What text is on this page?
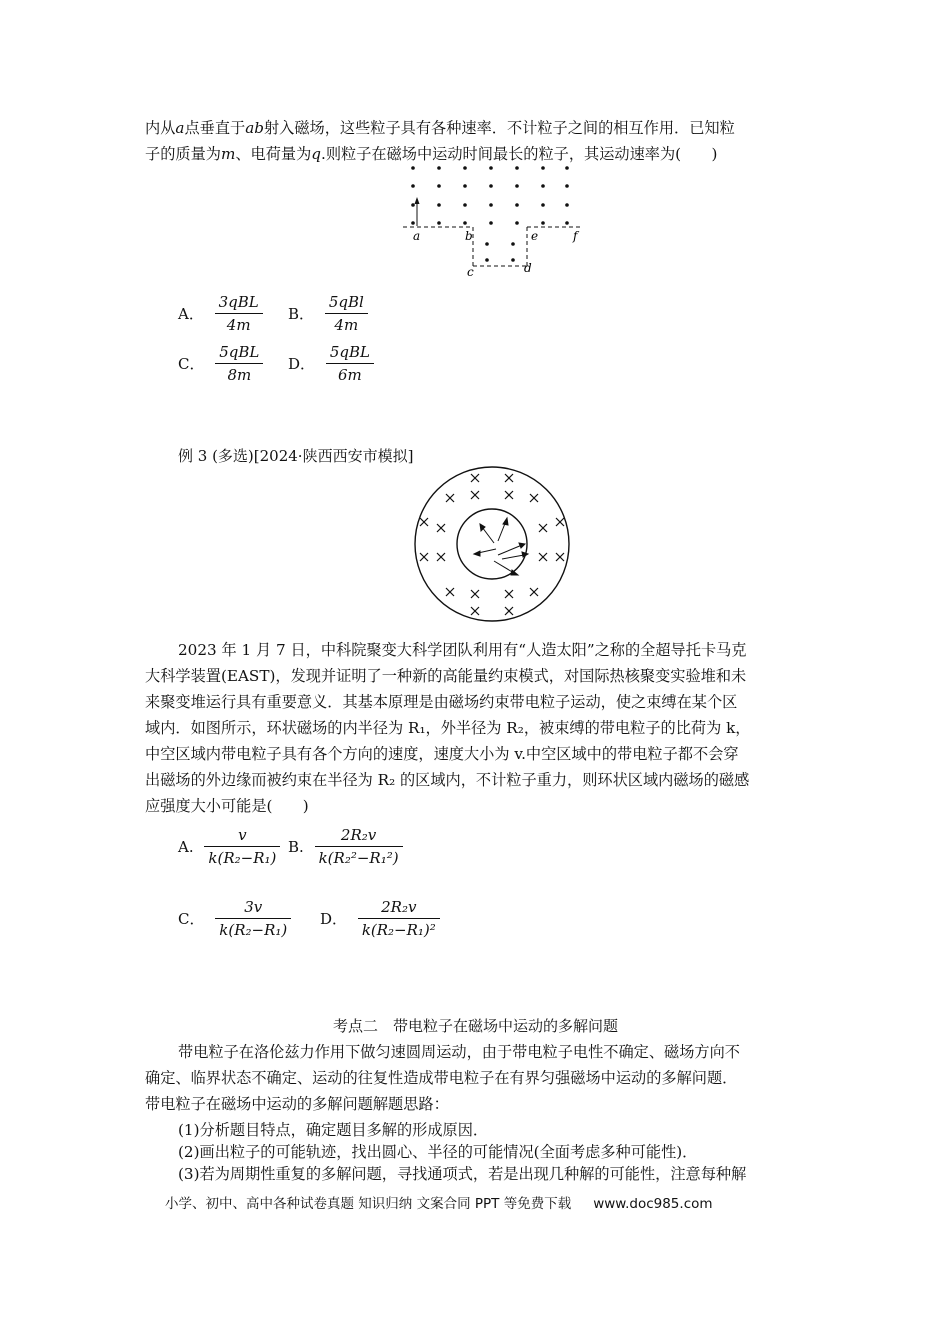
内从a点垂直于ab射入磁场，这些粒子具有各种速率．不计粒子之间的相互作用．已知粒
子的质量为m、电荷量为q.则粒子在磁场中运动时间最长的粒子，其运动速率为(　　)
a	b
c	d
e	f
A． $\frac{\text{3qBL}}{4m}$ B． $\frac{\text{5qBl}}{4m}$
C． $\frac{\text{5qBL}}{8m}$ D． $\frac{\text{5qBL}}{6m}$
例 3 (多选)[2024·陕西西安市模拟]
2023 年 1 月 7 日，中科院聚变大科学团队利用有“人造太阳”之称的全超导托卡马克
大科学装置(EAST)，发现并证明了一种新的高能量约束模式，对国际热核聚变实验堆和未
来聚变堆运行具有重要意义．其基本原理是由磁场约束带电粒子运动，使之束缚在某个区
域内．如图所示，环状磁场的内半径为 R₁，外半径为 R₂，被束缚的带电粒子的比荷为 k，
中空区域内带电粒子具有各个方向的速度，速度大小为 v.中空区域中的带电粒子都不会穿
出磁场的外边缘而被约束在半径为 R₂ 的区域内，不计粒子重力，则环状区域内磁场的磁感
应强度大小可能是(　　)
A. $\frac{v}{\text{k(R₂−R₁)}} B$. $\frac{\text{2R₂v}}{\text{k(R₂²−R₁²)}}$
C． $\frac{3v}{\text{k(R₂−R₁)}}$ D． $\frac{\text{2R₂v}}{\text{k(R₂−R₁)²}}$
考点二　带电粒子在磁场中运动的多解问题
带电粒子在洛伦兹力作用下做匀速圆周运动，由于带电粒子电性不确定、磁场方向不
确定、临界状态不确定、运动的往复性造成带电粒子在有界匀强磁场中运动的多解问题．
带电粒子在磁场中运动的多解问题解题思路：
(1)分析题目特点，确定题目多解的形成原因．
(2)画出粒子的可能轨迹，找出圆心、半径的可能情况(全面考虑多种可能性)．
(3)若为周期性重复的多解问题，寻找通项式，若是出现几种解的可能性，注意每种解
小学、初中、高中各种试卷真题 知识归纳 文案合同 PPT 等免费下载 www.doc985.com
